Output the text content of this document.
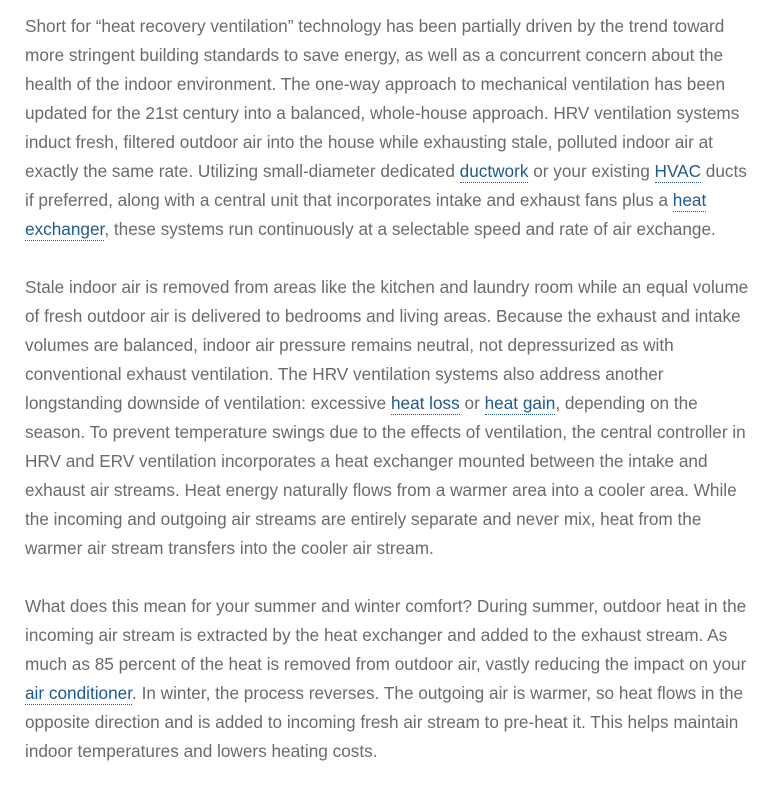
Short for “heat recovery ventilation” technology has been partially driven by the trend toward more stringent building standards to save energy, as well as a concurrent concern about the health of the indoor environment. The one-way approach to mechanical ventilation has been updated for the 21st century into a balanced, whole-house approach. HRV ventilation systems induct fresh, filtered outdoor air into the house while exhausting stale, polluted indoor air at exactly the same rate. Utilizing small-diameter dedicated ductwork or your existing HVAC ducts if preferred, along with a central unit that incorporates intake and exhaust fans plus a heat exchanger, these systems run continuously at a selectable speed and rate of air exchange.

Stale indoor air is removed from areas like the kitchen and laundry room while an equal volume of fresh outdoor air is delivered to bedrooms and living areas. Because the exhaust and intake volumes are balanced, indoor air pressure remains neutral, not depressurized as with conventional exhaust ventilation. The HRV ventilation systems also address another longstanding downside of ventilation: excessive heat loss or heat gain, depending on the season. To prevent temperature swings due to the effects of ventilation, the central controller in HRV and ERV ventilation incorporates a heat exchanger mounted between the intake and exhaust air streams. Heat energy naturally flows from a warmer area into a cooler area. While the incoming and outgoing air streams are entirely separate and never mix, heat from the warmer air stream transfers into the cooler air stream.

What does this mean for your summer and winter comfort? During summer, outdoor heat in the incoming air stream is extracted by the heat exchanger and added to the exhaust stream. As much as 85 percent of the heat is removed from outdoor air, vastly reducing the impact on your air conditioner. In winter, the process reverses. The outgoing air is warmer, so heat flows in the opposite direction and is added to incoming fresh air stream to pre-heat it. This helps maintain indoor temperatures and lowers heating costs.
